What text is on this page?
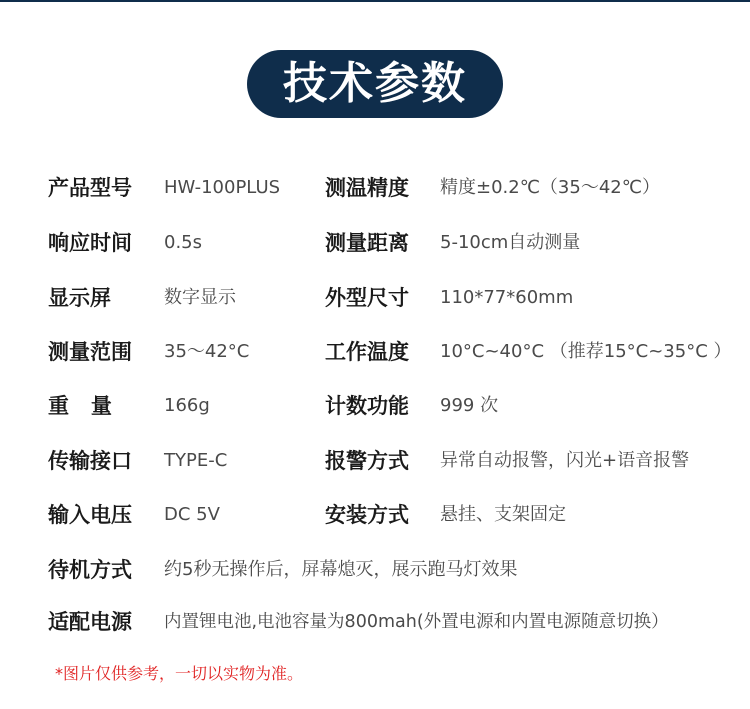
技术参数
产品型号 HW-100PLUS 测温精度 精度±0.2℃（35～42℃）
响应时间 0.5s	测量距离 5-10cm自动测量
显示屏	数字显示	外型尺寸 110*77*60mm
测量范围 35～42°C	工作温度 10°C~40°C （推荐15°C~35°C ）
重   量	166g	计数功能 999 次
传输接口 TYPE-C	报警方式 异常自动报警，闪光+语音报警
输入电压 DC 5V	安装方式 悬挂、支架固定
待机方式 约5秒无操作后，屏幕熄灭，展示跑马灯效果
适配电源 内置锂电池,电池容量为800mah(外置电源和内置电源随意切换）
*图片仅供参考，一切以实物为准。
